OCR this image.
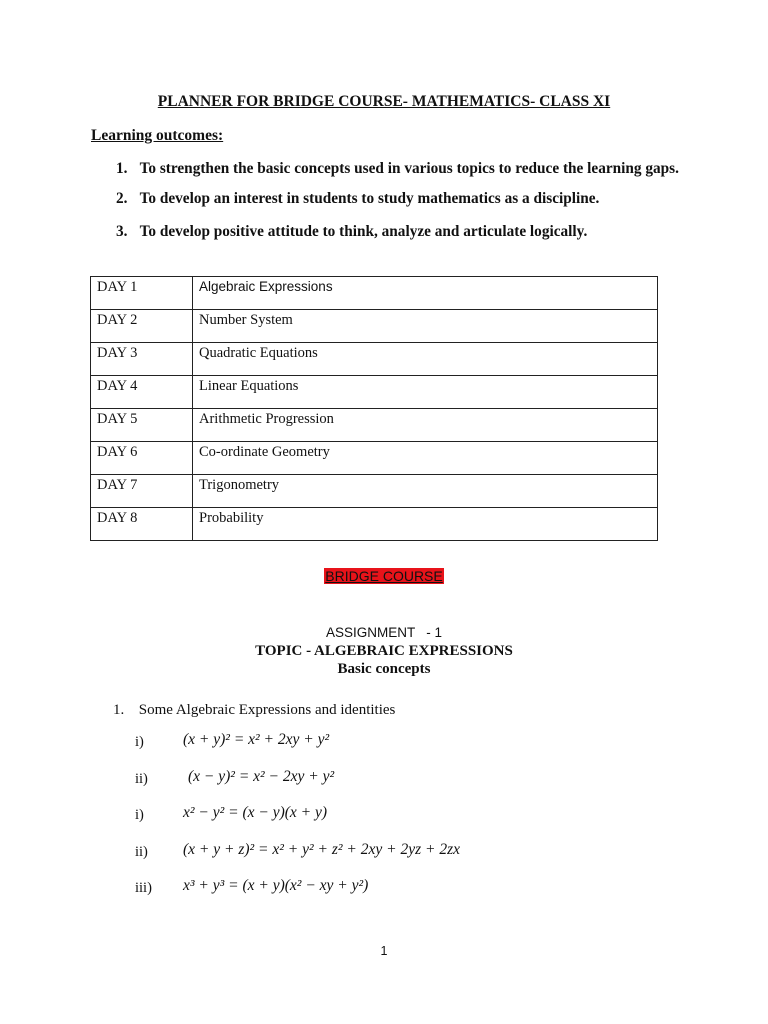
PLANNER FOR BRIDGE COURSE- MATHEMATICS- CLASS XI
Learning outcomes:
1. To strengthen the basic concepts used in various topics to reduce the learning gaps.
2. To develop an interest in students to study mathematics as a discipline.
3. To develop positive attitude to think, analyze and articulate logically.
DAY 1	Algebraic Expressions
DAY 2	Number System
DAY 3	Quadratic Equations
DAY 4	Linear Equations
DAY 5	Arithmetic Progression
DAY 6	Co-ordinate Geometry
DAY 7	Trigonometry
DAY 8	Probability
BRIDGE COURSE
ASSIGNMENT   - 1
TOPIC - ALGEBRAIC EXPRESSIONS
Basic concepts
1. Some Algebraic Expressions and identities
i)	(x + y)² = x² + 2xy + y²
ii)	(x − y)² = x² − 2xy + y²
i)	x² − y² = (x − y)(x + y)
ii) (x + y + z)² = x² + y² + z² + 2xy + 2yz + 2zx
iii) x³ + y³ = (x + y)(x² − xy + y²)
1
